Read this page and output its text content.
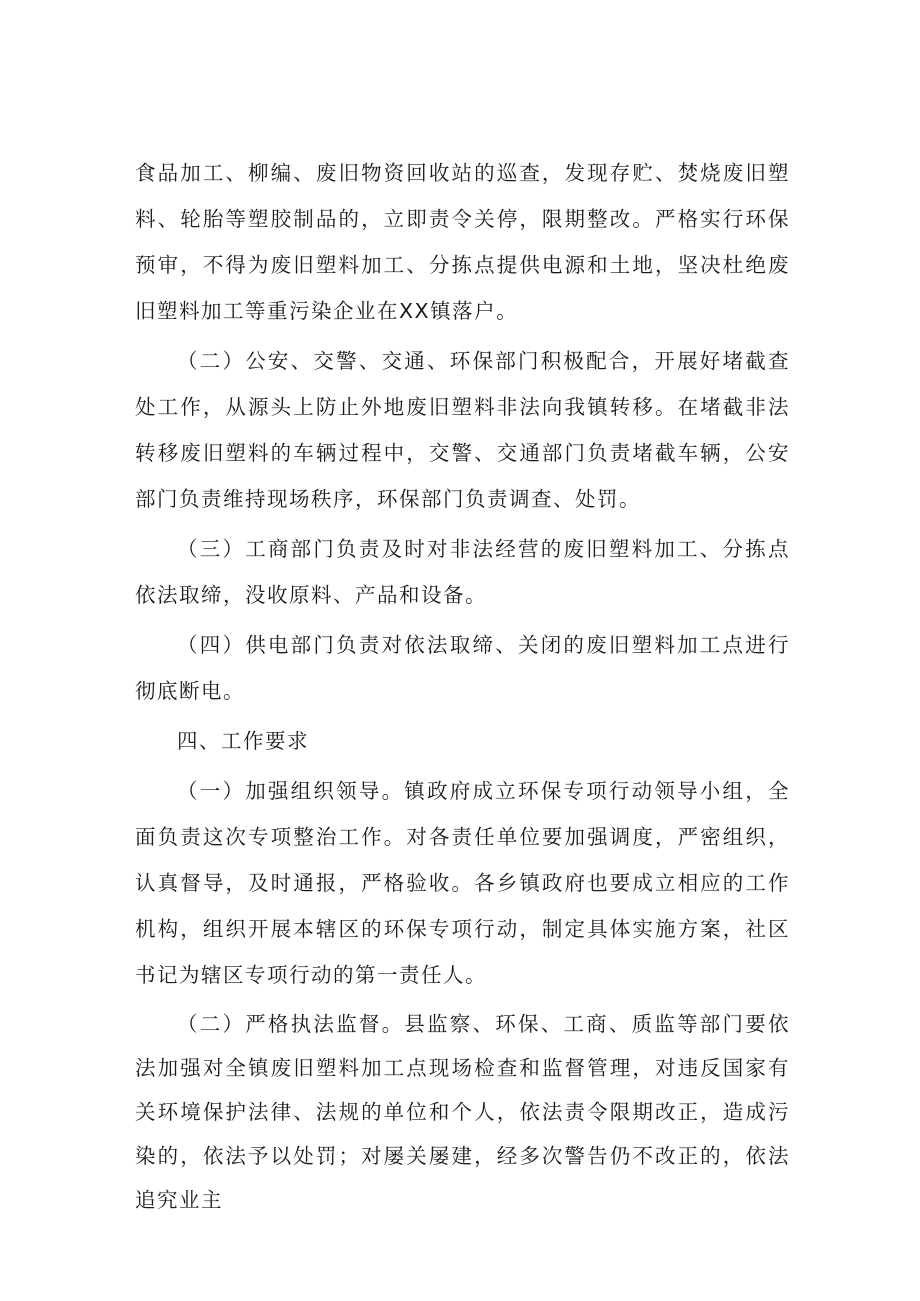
食品加工、柳编、废旧物资回收站的巡查，发现存贮、焚烧废旧塑料、轮胎等塑胶制品的，立即责令关停，限期整改。严格实行环保预审，不得为废旧塑料加工、分拣点提供电源和土地，坚决杜绝废旧塑料加工等重污染企业在XX镇落户。

（二）公安、交警、交通、环保部门积极配合，开展好堵截查处工作，从源头上防止外地废旧塑料非法向我镇转移。在堵截非法转移废旧塑料的车辆过程中，交警、交通部门负责堵截车辆，公安部门负责维持现场秩序，环保部门负责调查、处罚。

（三）工商部门负责及时对非法经营的废旧塑料加工、分拣点依法取缔，没收原料、产品和设备。

（四）供电部门负责对依法取缔、关闭的废旧塑料加工点进行彻底断电。

四、工作要求

（一）加强组织领导。镇政府成立环保专项行动领导小组，全面负责这次专项整治工作。对各责任单位要加强调度，严密组织，认真督导，及时通报，严格验收。各乡镇政府也要成立相应的工作机构，组织开展本辖区的环保专项行动，制定具体实施方案，社区书记为辖区专项行动的第一责任人。

（二）严格执法监督。县监察、环保、工商、质监等部门要依法加强对全镇废旧塑料加工点现场检查和监督管理，对违反国家有关环境保护法律、法规的单位和个人，依法责令限期改正，造成污染的，依法予以处罚；对屡关屡建，经多次警告仍不改正的，依法追究业主
